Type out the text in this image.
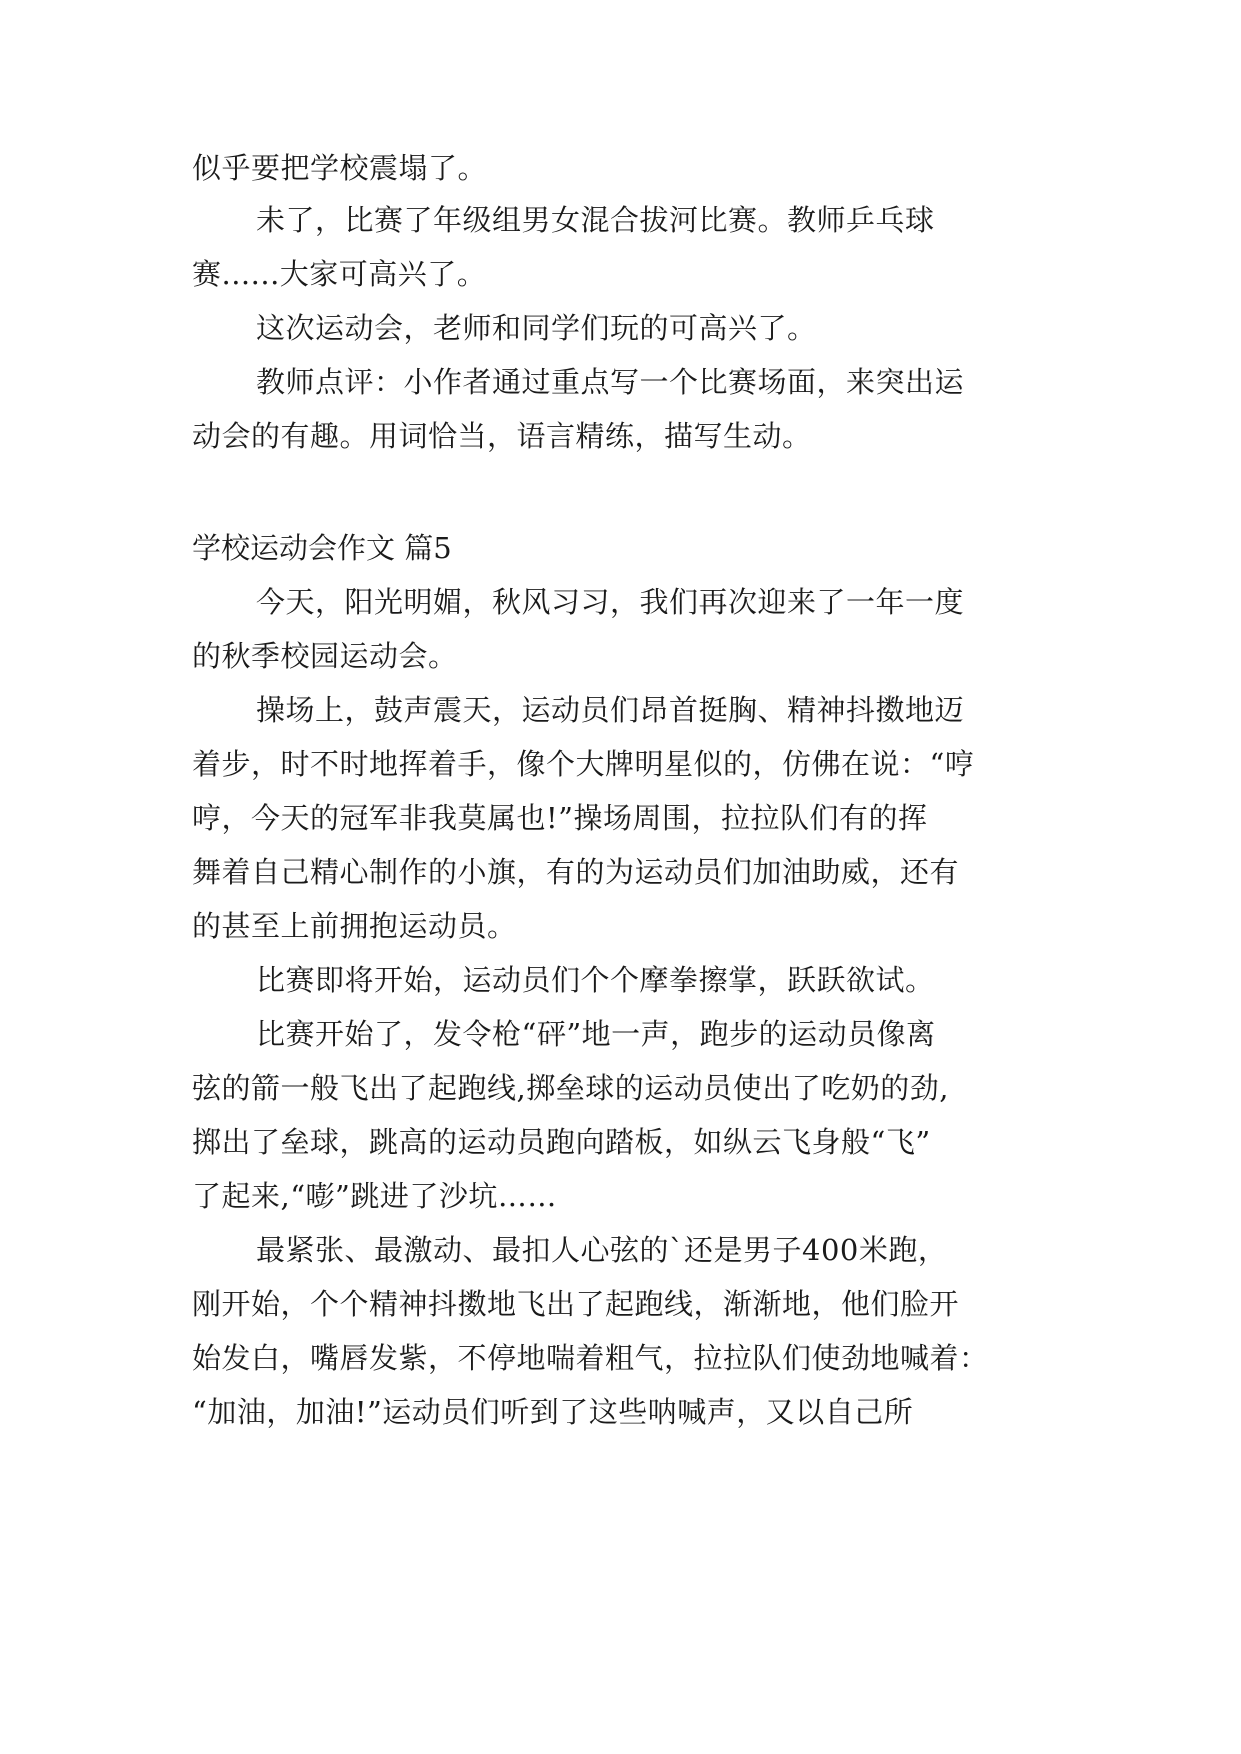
似乎要把学校震塌了。
未了，比赛了年级组男女混合拔河比赛。教师乒乓球
赛......大家可高兴了。
这次运动会，老师和同学们玩的可高兴了。
教师点评：小作者通过重点写一个比赛场面，来突出运
动会的有趣。用词恰当，语言精练，描写生动。
学校运动会作文 篇5
今天，阳光明媚，秋风习习，我们再次迎来了一年一度
的秋季校园运动会。
操场上，鼓声震天，运动员们昂首挺胸、精神抖擞地迈
着步，时不时地挥着手，像个大牌明星似的，仿佛在说：“哼
哼，今天的冠军非我莫属也!”操场周围，拉拉队们有的挥
舞着自己精心制作的小旗，有的为运动员们加油助威，还有
的甚至上前拥抱运动员。
比赛即将开始，运动员们个个摩拳擦掌，跃跃欲试。
比赛开始了，发令枪“砰”地一声，跑步的运动员像离
弦的箭一般飞出了起跑线,掷垒球的运动员使出了吃奶的劲,
掷出了垒球，跳高的运动员跑向踏板，如纵云飞身般“飞”
了起来,“嘭”跳进了沙坑……
最紧张、最激动、最扣人心弦的`还是男子400米跑，
刚开始，个个精神抖擞地飞出了起跑线，渐渐地，他们脸开
始发白，嘴唇发紫，不停地喘着粗气，拉拉队们使劲地喊着：
“加油，加油!”运动员们听到了这些呐喊声，又以自己所
